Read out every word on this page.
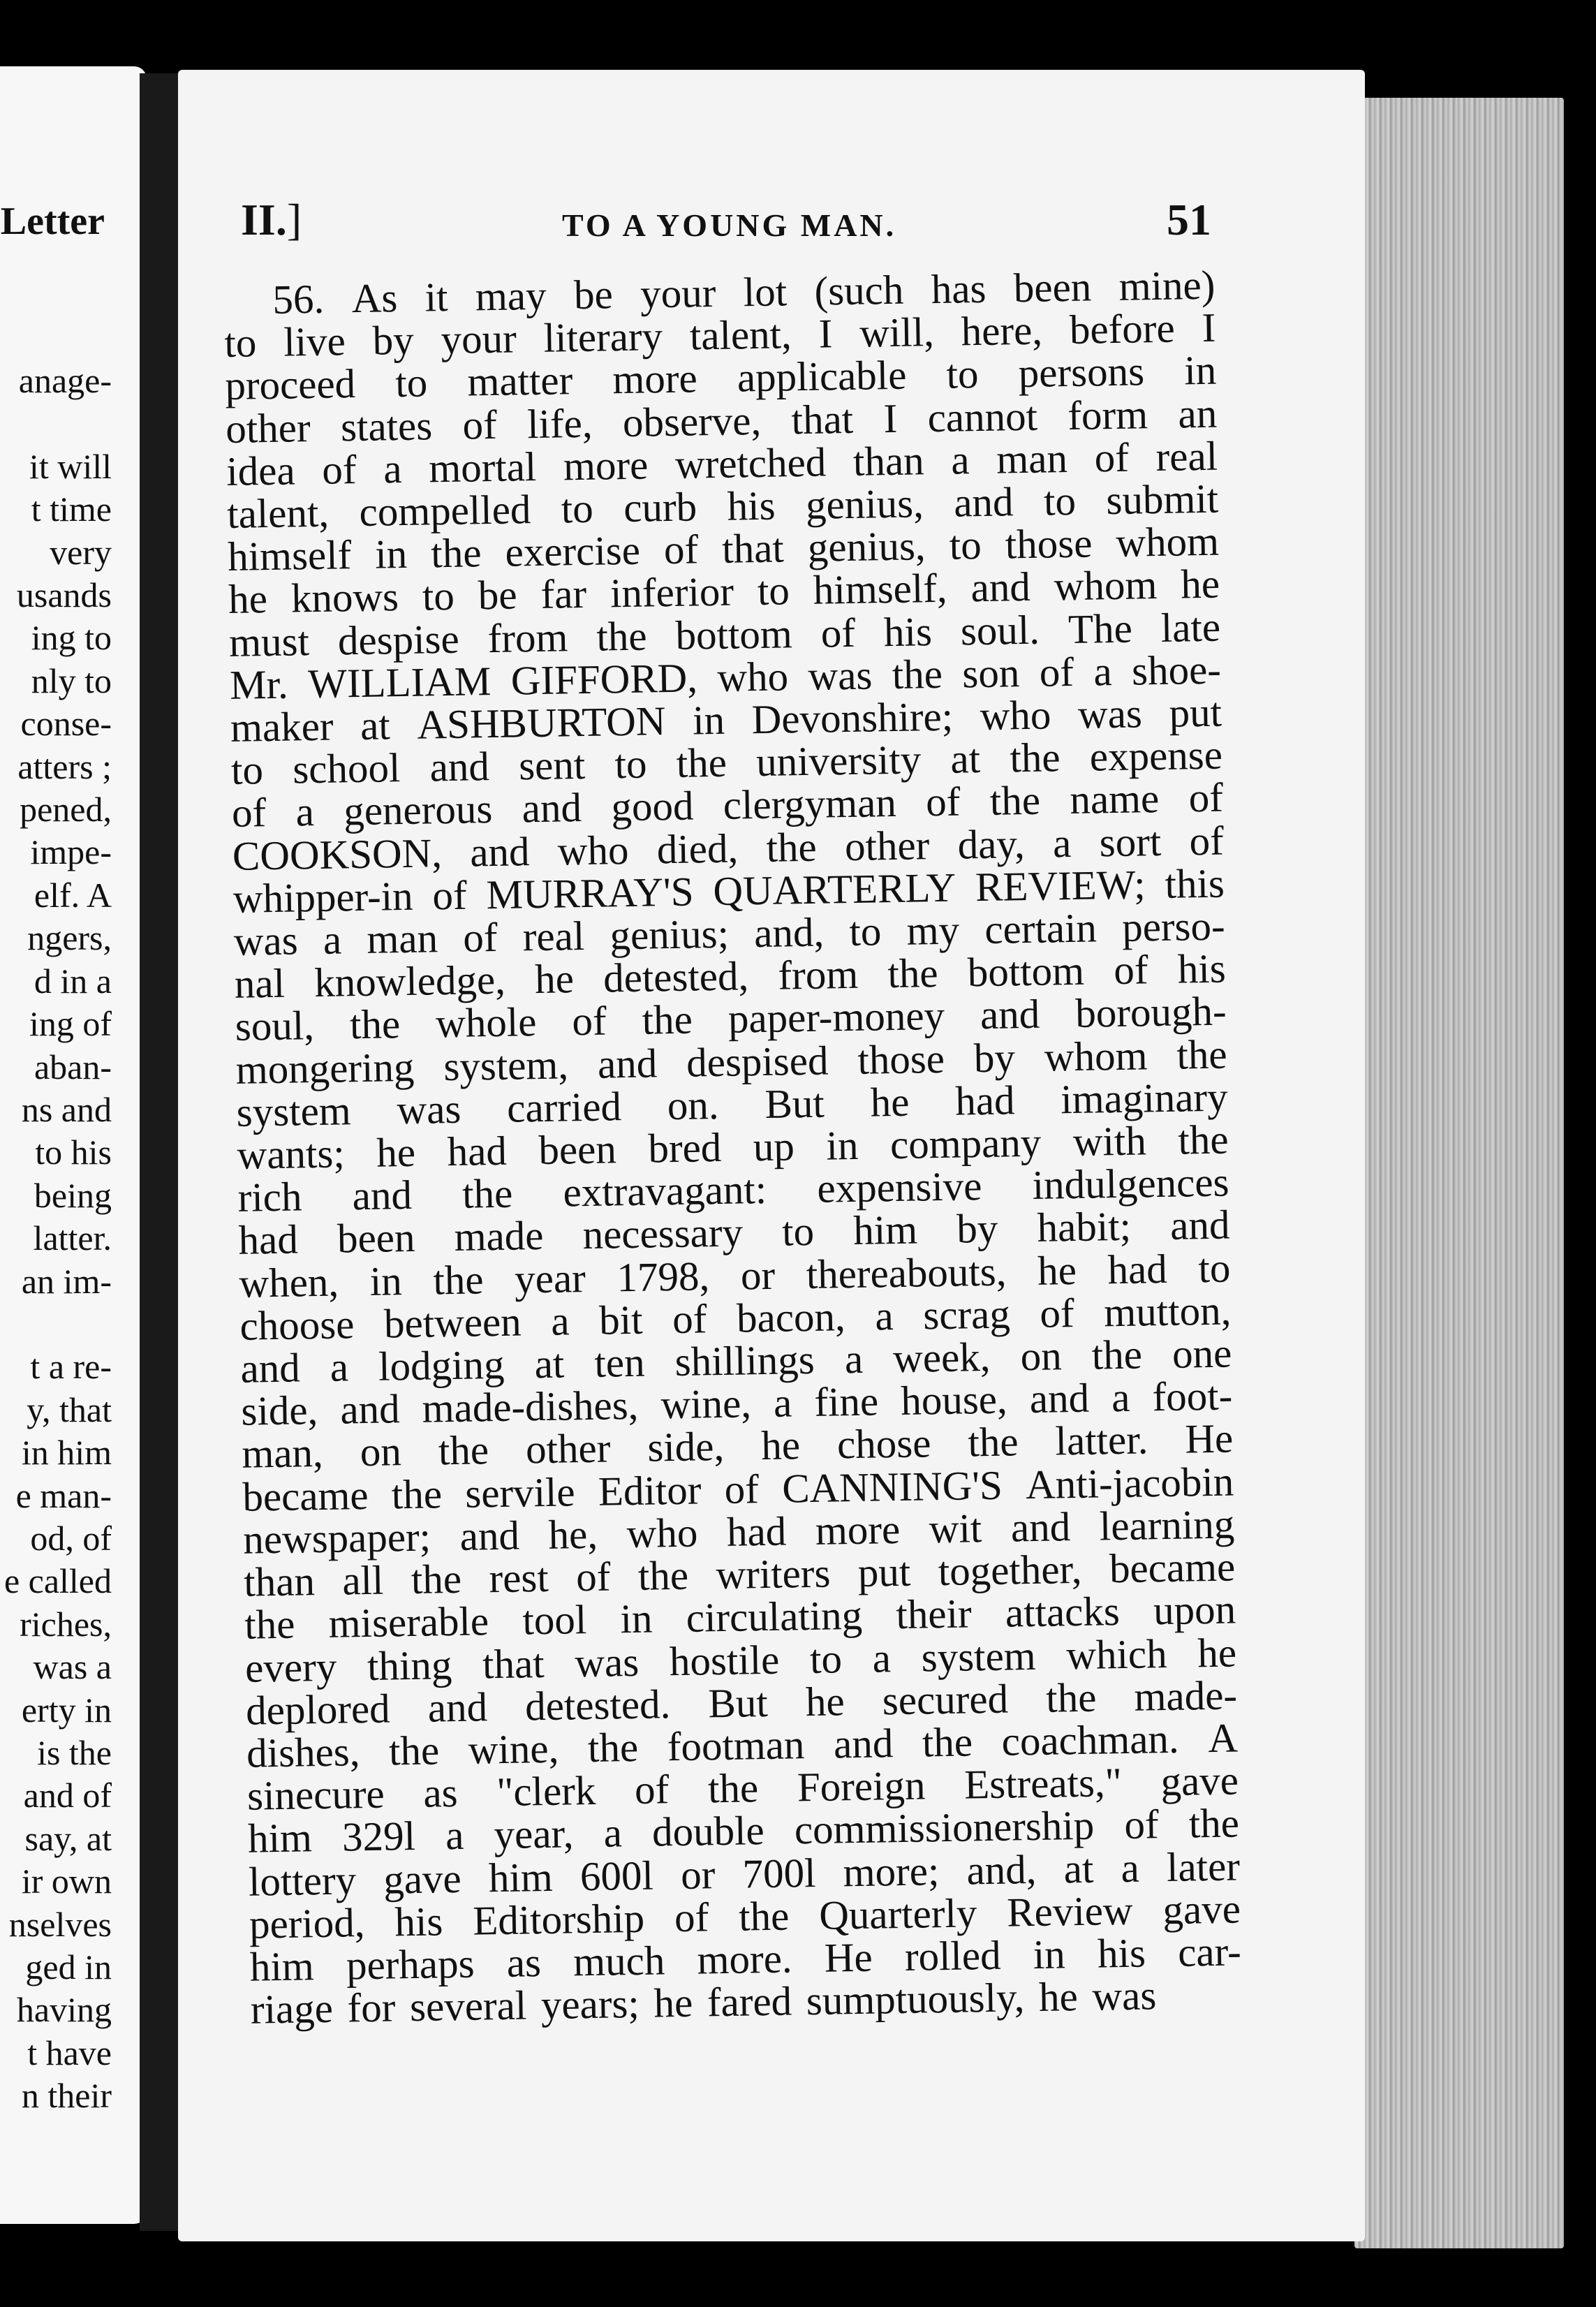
Letter
anage-

it will
t time
very
usands
ing to
nly to
conse-
atters ;
pened,
impe-
elf. A
ngers,
d in a
ing of
aban-
ns and
to his
being
latter.
an im-
t a re-
y, that
in him
e man-
od, of
e called
riches,
was a
erty in
is the
and of
say, at
ir own
nselves
ged in
having
t have
n their
II.]	TO A YOUNG MAN.	51
56. As it may be your lot (such has been mine)
to live by your literary talent, I will, here, before I
proceed to matter more applicable to persons in
other states of life, observe, that I cannot form an
idea of a mortal more wretched than a man of real
talent, compelled to curb his genius, and to submit
himself in the exercise of that genius, to those whom
he knows to be far inferior to himself, and whom he
must despise from the bottom of his soul. The late
Mr. WILLIAM GIFFORD, who was the son of a shoe-
maker at ASHBURTON in Devonshire; who was put
to school and sent to the university at the expense
of a generous and good clergyman of the name of
COOKSON, and who died, the other day, a sort of
whipper-in of MURRAY'S QUARTERLY REVIEW; this
was a man of real genius; and, to my certain perso-
nal knowledge, he detested, from the bottom of his
soul, the whole of the paper-money and borough-
mongering system, and despised those by whom the
system was carried on. But he had imaginary
wants; he had been bred up in company with the
rich and the extravagant: expensive indulgences
had been made necessary to him by habit; and
when, in the year 1798, or thereabouts, he had to
choose between a bit of bacon, a scrag of mutton,
and a lodging at ten shillings a week, on the one
side, and made-dishes, wine, a fine house, and a foot-
man, on the other side, he chose the latter. He
became the servile Editor of CANNING'S Anti-jacobin
newspaper; and he, who had more wit and learning
than all the rest of the writers put together, became
the miserable tool in circulating their attacks upon
every thing that was hostile to a system which he
deplored and detested. But he secured the made-
dishes, the wine, the footman and the coachman. A
sinecure as "clerk of the Foreign Estreats," gave
him 329l a year, a double commissionership of the
lottery gave him 600l or 700l more; and, at a later
period, his Editorship of the Quarterly Review gave
him perhaps as much more. He rolled in his car-
riage
for
several
years;
he
fared
sumptuously,
he
was
